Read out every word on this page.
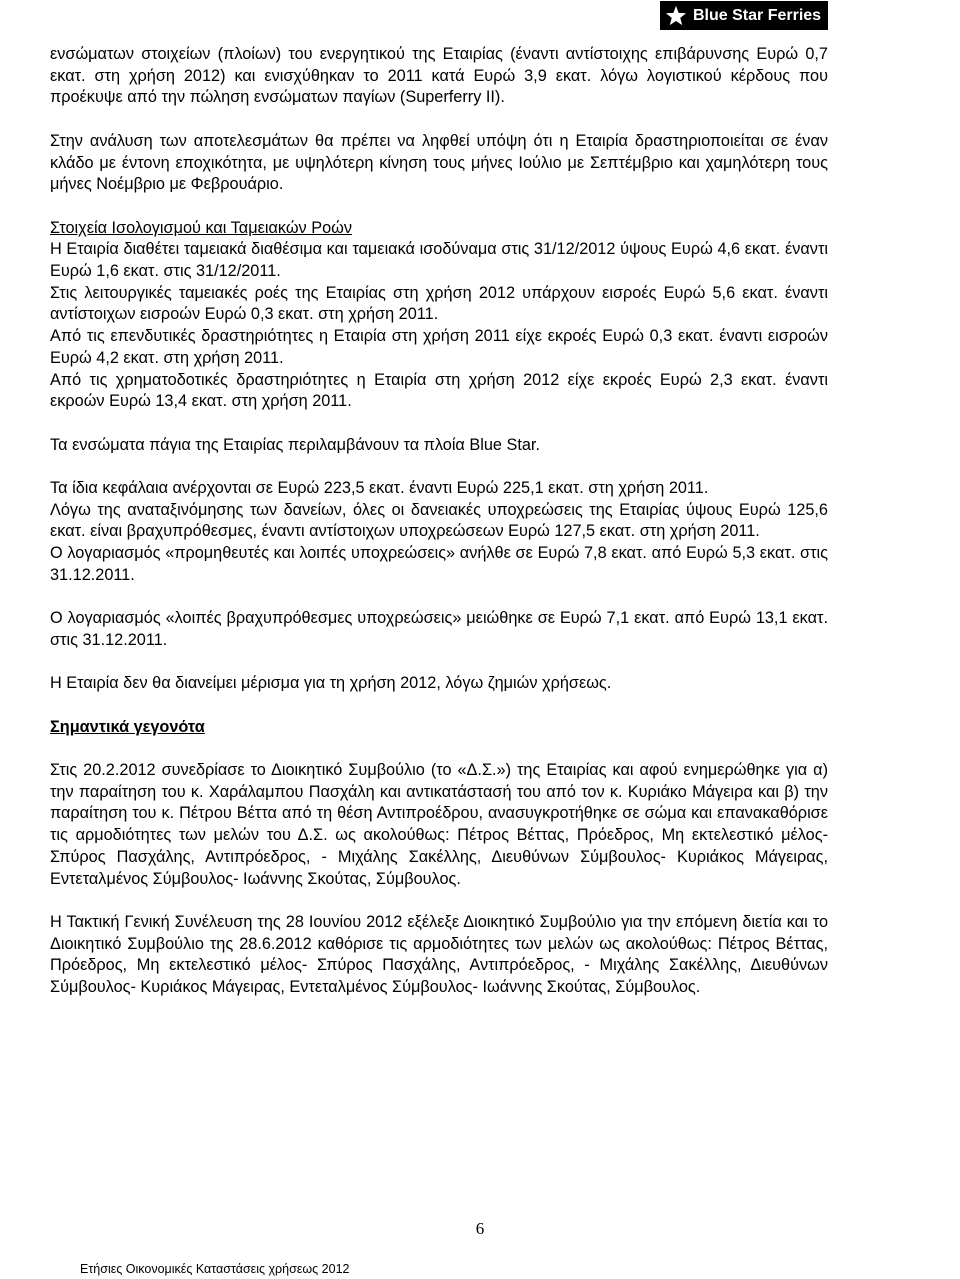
Blue Star Ferries

ενσώματων στοιχείων (πλοίων) του ενεργητικού της Εταιρίας (έναντι αντίστοιχης επιβάρυνσης Ευρώ 0,7 εκατ. στη χρήση 2012) και ενισχύθηκαν το 2011 κατά Ευρώ 3,9 εκατ. λόγω λογιστικού κέρδους που προέκυψε από την πώληση ενσώματων παγίων (Superferry II).

Στην ανάλυση των αποτελεσμάτων θα πρέπει να ληφθεί υπόψη ότι η Εταιρία δραστηριοποιείται σε έναν κλάδο με έντονη εποχικότητα, με υψηλότερη κίνηση τους μήνες Ιούλιο με Σεπτέμβριο και χαμηλότερη τους μήνες Νοέμβριο με Φεβρουάριο.

Στοιχεία Ισολογισμού και Ταμειακών Ροών

Η Εταιρία διαθέτει ταμειακά διαθέσιμα και ταμειακά ισοδύναμα στις 31/12/2012 ύψους Ευρώ 4,6 εκατ. έναντι Ευρώ 1,6 εκατ. στις 31/12/2011.

Στις λειτουργικές ταμειακές ροές της Εταιρίας στη χρήση 2012 υπάρχουν εισροές Ευρώ 5,6 εκατ. έναντι αντίστοιχων εισροών Ευρώ 0,3 εκατ. στη χρήση 2011.

Από τις επενδυτικές δραστηριότητες η Εταιρία στη χρήση 2011 είχε εκροές Ευρώ 0,3 εκατ. έναντι εισροών Ευρώ 4,2 εκατ. στη χρήση 2011.

Από τις χρηματοδοτικές δραστηριότητες η Εταιρία στη χρήση 2012 είχε εκροές Ευρώ 2,3 εκατ. έναντι εκροών Ευρώ 13,4 εκατ. στη χρήση 2011.

Τα ενσώματα πάγια της Εταιρίας περιλαμβάνουν τα πλοία Blue Star.

Τα ίδια κεφάλαια ανέρχονται σε Ευρώ 223,5 εκατ. έναντι Ευρώ 225,1 εκατ. στη χρήση 2011.

Λόγω της αναταξινόμησης των δανείων, όλες οι δανειακές υποχρεώσεις της Εταιρίας ύψους Ευρώ 125,6 εκατ. είναι βραχυπρόθεσμες, έναντι αντίστοιχων υποχρεώσεων Ευρώ 127,5 εκατ. στη χρήση 2011.

Ο λογαριασμός «προμηθευτές και λοιπές υποχρεώσεις» ανήλθε σε Ευρώ 7,8 εκατ. από Ευρώ 5,3 εκατ. στις 31.12.2011.

Ο λογαριασμός «λοιπές βραχυπρόθεσμες υποχρεώσεις» μειώθηκε σε Ευρώ 7,1 εκατ. από Ευρώ 13,1 εκατ. στις 31.12.2011.

Η Εταιρία δεν θα διανείμει μέρισμα για τη χρήση 2012, λόγω ζημιών χρήσεως.

Σημαντικά γεγονότα

Στις 20.2.2012 συνεδρίασε το Διοικητικό Συμβούλιο (το «Δ.Σ.») της Εταιρίας και αφού ενημερώθηκε για α) την παραίτηση του κ. Χαράλαμπου Πασχάλη και αντικατάστασή του από τον κ. Κυριάκο Μάγειρα και β) την παραίτηση του κ. Πέτρου Βέττα από τη θέση Αντιπροέδρου, ανασυγκροτήθηκε σε σώμα και επανακαθόρισε τις αρμοδιότητες των μελών του Δ.Σ. ως ακολούθως: Πέτρος Βέττας, Πρόεδρος, Μη εκτελεστικό μέλος- Σπύρος Πασχάλης, Αντιπρόεδρος, - Μιχάλης Σακέλλης, Διευθύνων Σύμβουλος- Κυριάκος Μάγειρας, Εντεταλμένος Σύμβουλος- Ιωάννης Σκούτας, Σύμβουλος.

Η Τακτική Γενική Συνέλευση της 28 Ιουνίου 2012 εξέλεξε Διοικητικό Συμβούλιο για την επόμενη διετία και το Διοικητικό Συμβούλιο της 28.6.2012 καθόρισε τις αρμοδιότητες των μελών ως ακολούθως: Πέτρος Βέττας, Πρόεδρος, Μη εκτελεστικό μέλος- Σπύρος Πασχάλης, Αντιπρόεδρος, - Μιχάλης Σακέλλης, Διευθύνων Σύμβουλος- Κυριάκος Μάγειρας, Εντεταλμένος Σύμβουλος- Ιωάννης Σκούτας, Σύμβουλος.

6
Ετήσιες Οικονομικές Καταστάσεις χρήσεως 2012
